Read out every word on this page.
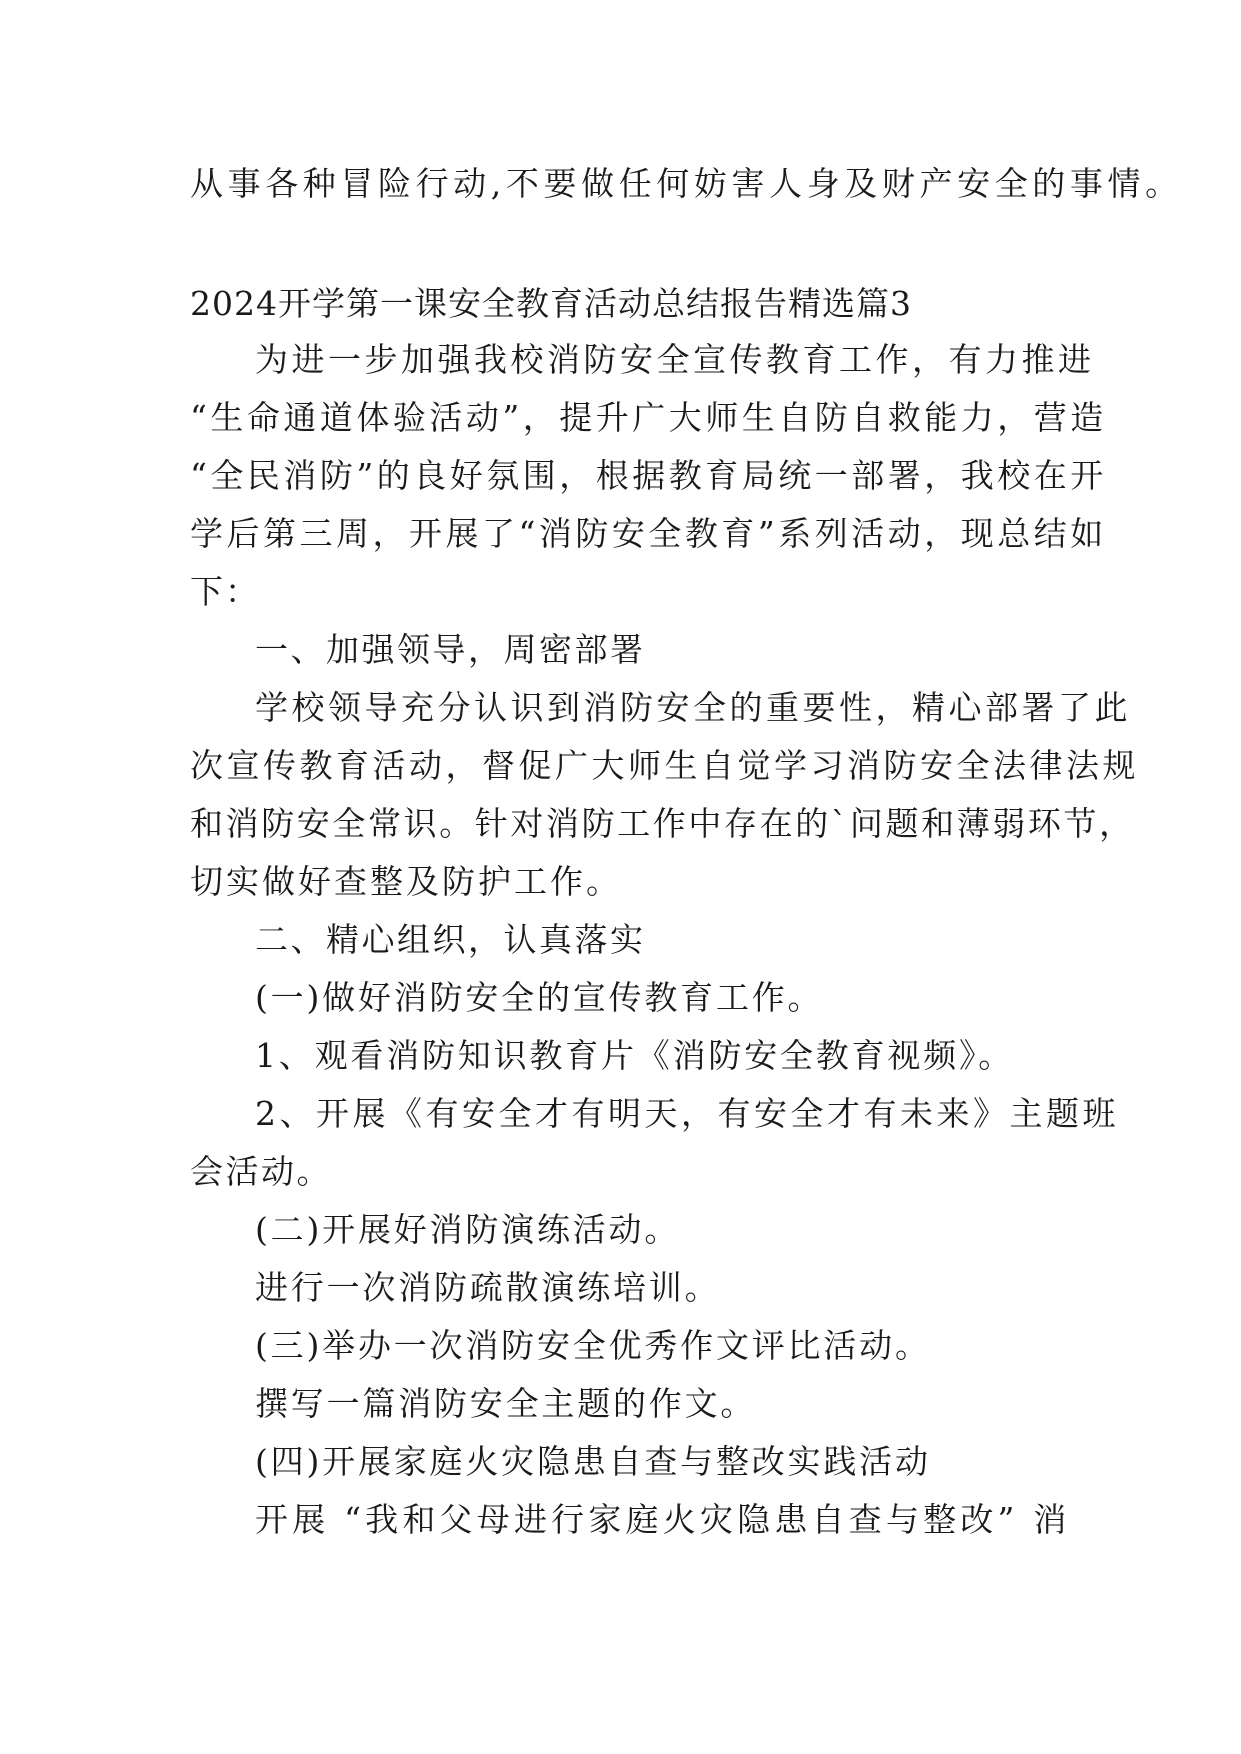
从事各种冒险行动,不要做任何妨害人身及财产安全的事情。
2024开学第一课安全教育活动总结报告精选篇3
为进一步加强我校消防安全宣传教育工作，有力推进
“生命通道体验活动”，提升广大师生自防自救能力，营造
“全民消防”的良好氛围，根据教育局统一部署，我校在开
学后第三周，开展了“消防安全教育”系列活动，现总结如
下：
一、加强领导，周密部署
学校领导充分认识到消防安全的重要性，精心部署了此
次宣传教育活动，督促广大师生自觉学习消防安全法律法规
和消防安全常识。针对消防工作中存在的`问题和薄弱环节，
切实做好查整及防护工作。
二、精心组织，认真落实
(一)做好消防安全的宣传教育工作。
1、观看消防知识教育片《消防安全教育视频》。
2、开展《有安全才有明天，有安全才有未来》主题班
会活动。
(二)开展好消防演练活动。
进行一次消防疏散演练培训。
(三)举办一次消防安全优秀作文评比活动。
撰写一篇消防安全主题的作文。
(四)开展家庭火灾隐患自查与整改实践活动
开展 “我和父母进行家庭火灾隐患自查与整改” 消
